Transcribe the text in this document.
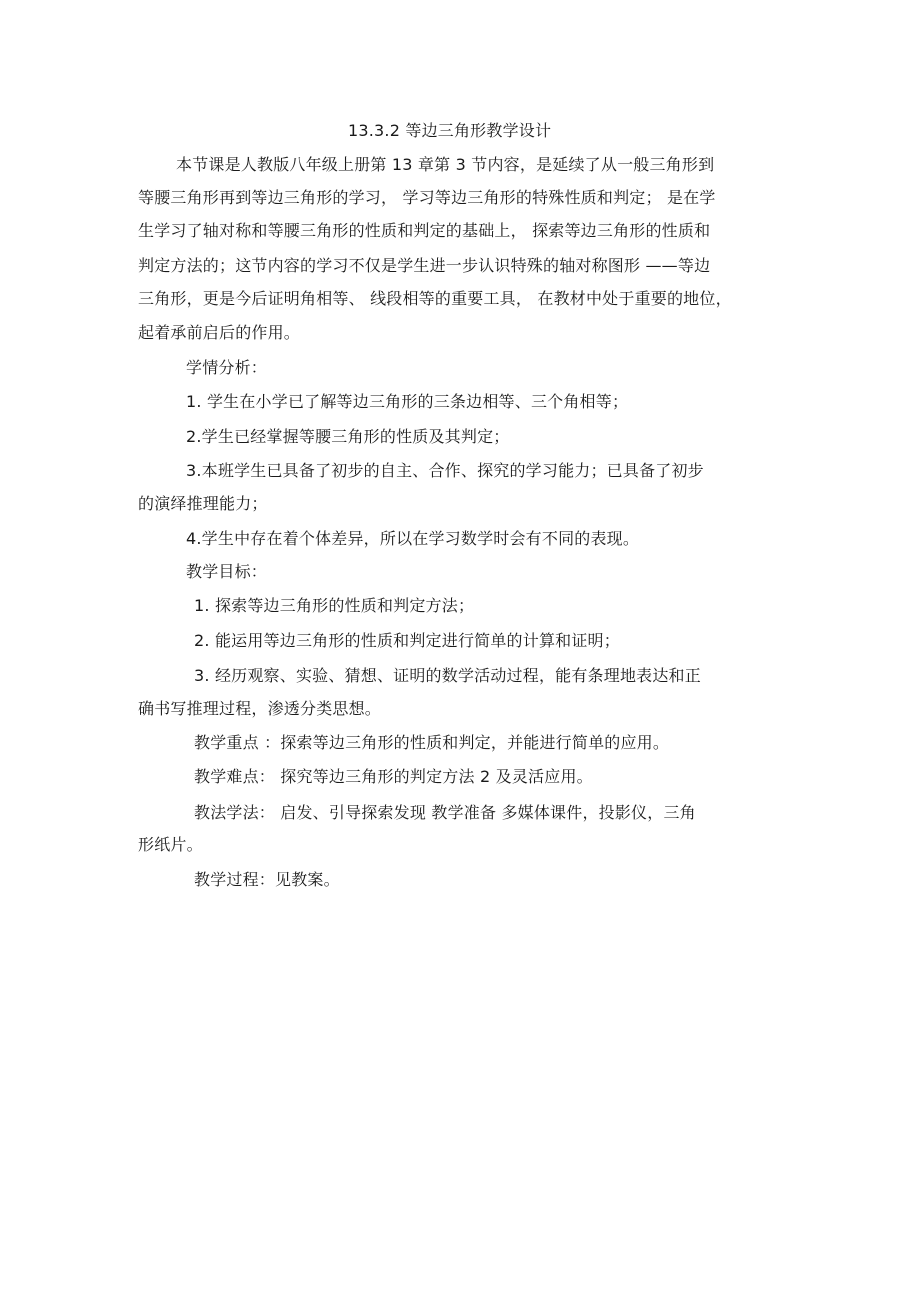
13.3.2 等边三角形教学设计
本节课是人教版八年级上册第 13 章第 3 节内容，是延续了从一般三角形到
等腰三角形再到等边三角形的学习， 学习等边三角形的特殊性质和判定； 是在学
生学习了轴对称和等腰三角形的性质和判定的基础上， 探索等边三角形的性质和
判定方法的；这节内容的学习不仅是学生进一步认识特殊的轴对称图形 ——等边
三角形，更是今后证明角相等、 线段相等的重要工具， 在教材中处于重要的地位，
起着承前启后的作用。
学情分析：
1. 学生在小学已了解等边三角形的三条边相等、三个角相等；
2.学生已经掌握等腰三角形的性质及其判定；
3.本班学生已具备了初步的自主、合作、探究的学习能力；已具备了初步
的演绎推理能力；
4.学生中存在着个体差异，所以在学习数学时会有不同的表现。
教学目标：
1. 探索等边三角形的性质和判定方法；
2. 能运用等边三角形的性质和判定进行简单的计算和证明；
3. 经历观察、实验、猜想、证明的数学活动过程，能有条理地表达和正
确书写推理过程，渗透分类思想。
教学重点 ：探索等边三角形的性质和判定，并能进行简单的应用。
教学难点： 探究等边三角形的判定方法 2 及灵活应用。
教法学法： 启发、引导探索发现 教学准备 多媒体课件，投影仪，三角
形纸片。
教学过程：见教案。
